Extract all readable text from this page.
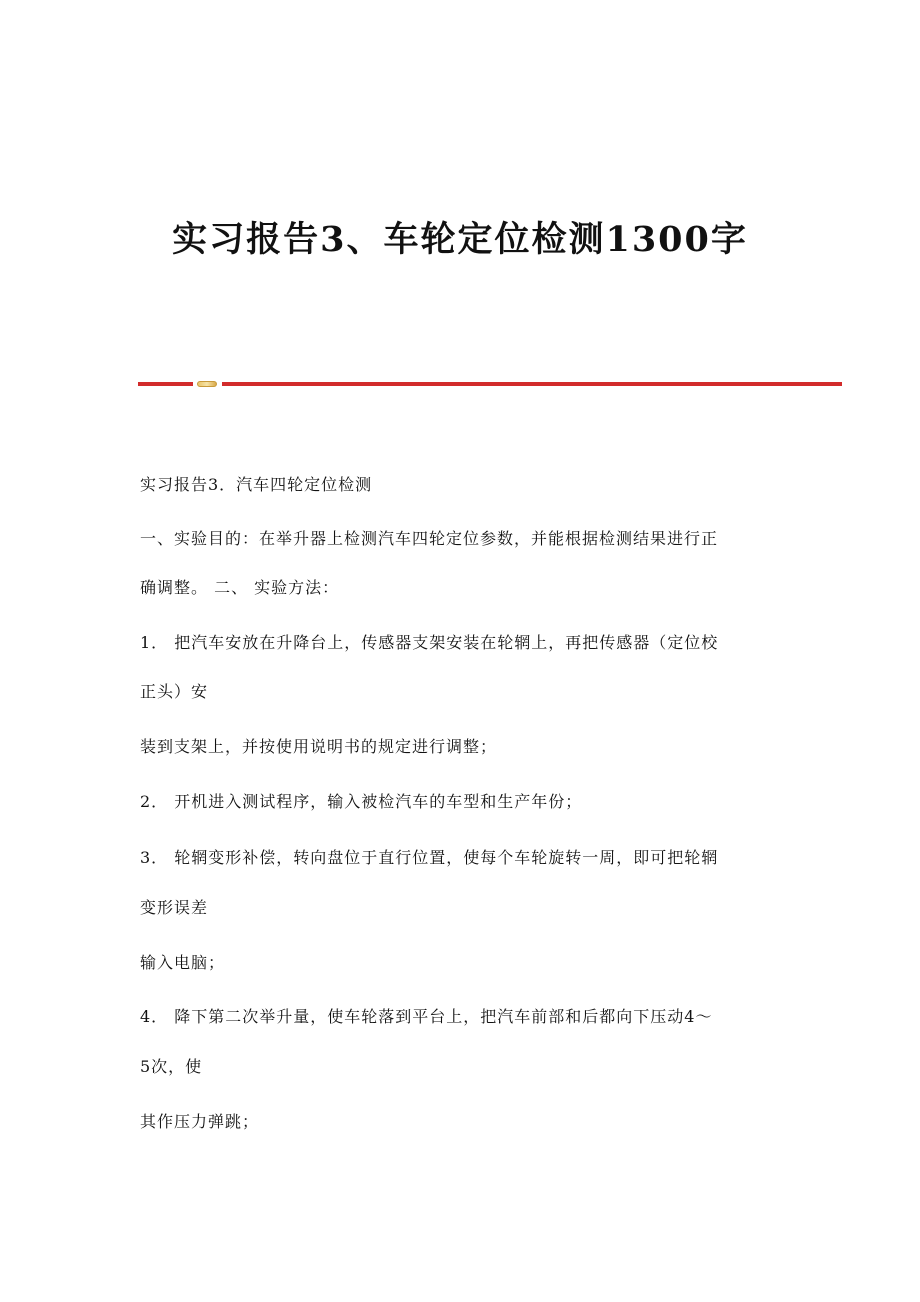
实习报告3、车轮定位检测1300字
实习报告3．汽车四轮定位检测
一、实验目的：在举升器上检测汽车四轮定位参数，并能根据检测结果进行正
确调整。 二、 实验方法：
1． 把汽车安放在升降台上，传感器支架安装在轮辋上，再把传感器（定位校
正头）安
装到支架上，并按使用说明书的规定进行调整；
2． 开机进入测试程序，输入被检汽车的车型和生产年份；
3． 轮辋变形补偿，转向盘位于直行位置，使每个车轮旋转一周，即可把轮辋
变形误差
输入电脑；
4． 降下第二次举升量，使车轮落到平台上，把汽车前部和后都向下压动4～
5次，使
其作压力弹跳；
